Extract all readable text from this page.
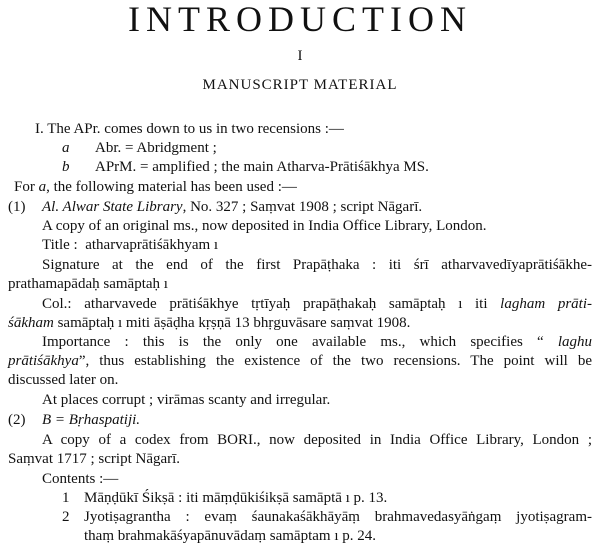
INTRODUCTION
I
MANUSCRIPT MATERIAL
I. The APr. comes down to us in two recensions :—
a Abr. = Abridgment ;
b APrM. = amplified ; the main Atharva-Prātiśākhya MS.
For a, the following material has been used :—
(1) Al. Alwar State Library, No. 327 ; Saṃvat 1908 ; script Nāgarī.
A copy of an original ms., now deposited in India Office Library, London.
Title : atharvaprātiśākhyam ı
Signature at the end of the first Prapāṭhaka : iti śrī atharvavedīyaprātiśākhe-
prathamapādaḥ samāptaḥ ı
Col.: atharvavede prātiśākhye tṛtīyaḥ prapāṭhakaḥ samāptaḥ ı iti lagham prāti-
śākham samāptaḥ ı miti āṣāḍha kṛṣṇā 13 bhṛguvāsare saṃvat 1908.
Importance : this is the only one available ms., which specifies “ laghu
prātiśākhya”, thus establishing the existence of the two recensions. The point will be
discussed later on.
At places corrupt ; virāmas scanty and irregular.
(2) B = Bṛhaspatiji.
A copy of a codex from BORI., now deposited in India Office Library, London ;
Saṃvat 1717 ; script Nāgarī.
Contents :—
1 Māṇḍūkī Śikṣā : iti māṃḍūkiśikṣā samāptā ı p. 13.
2 Jyotiṣagrantha : evaṃ śaunakaśākhāyāṃ brahmavedasyāṅgaṃ jyotiṣagram-
thaṃ brahmakāśyapānuvādaṃ samāptam ı p. 24.
